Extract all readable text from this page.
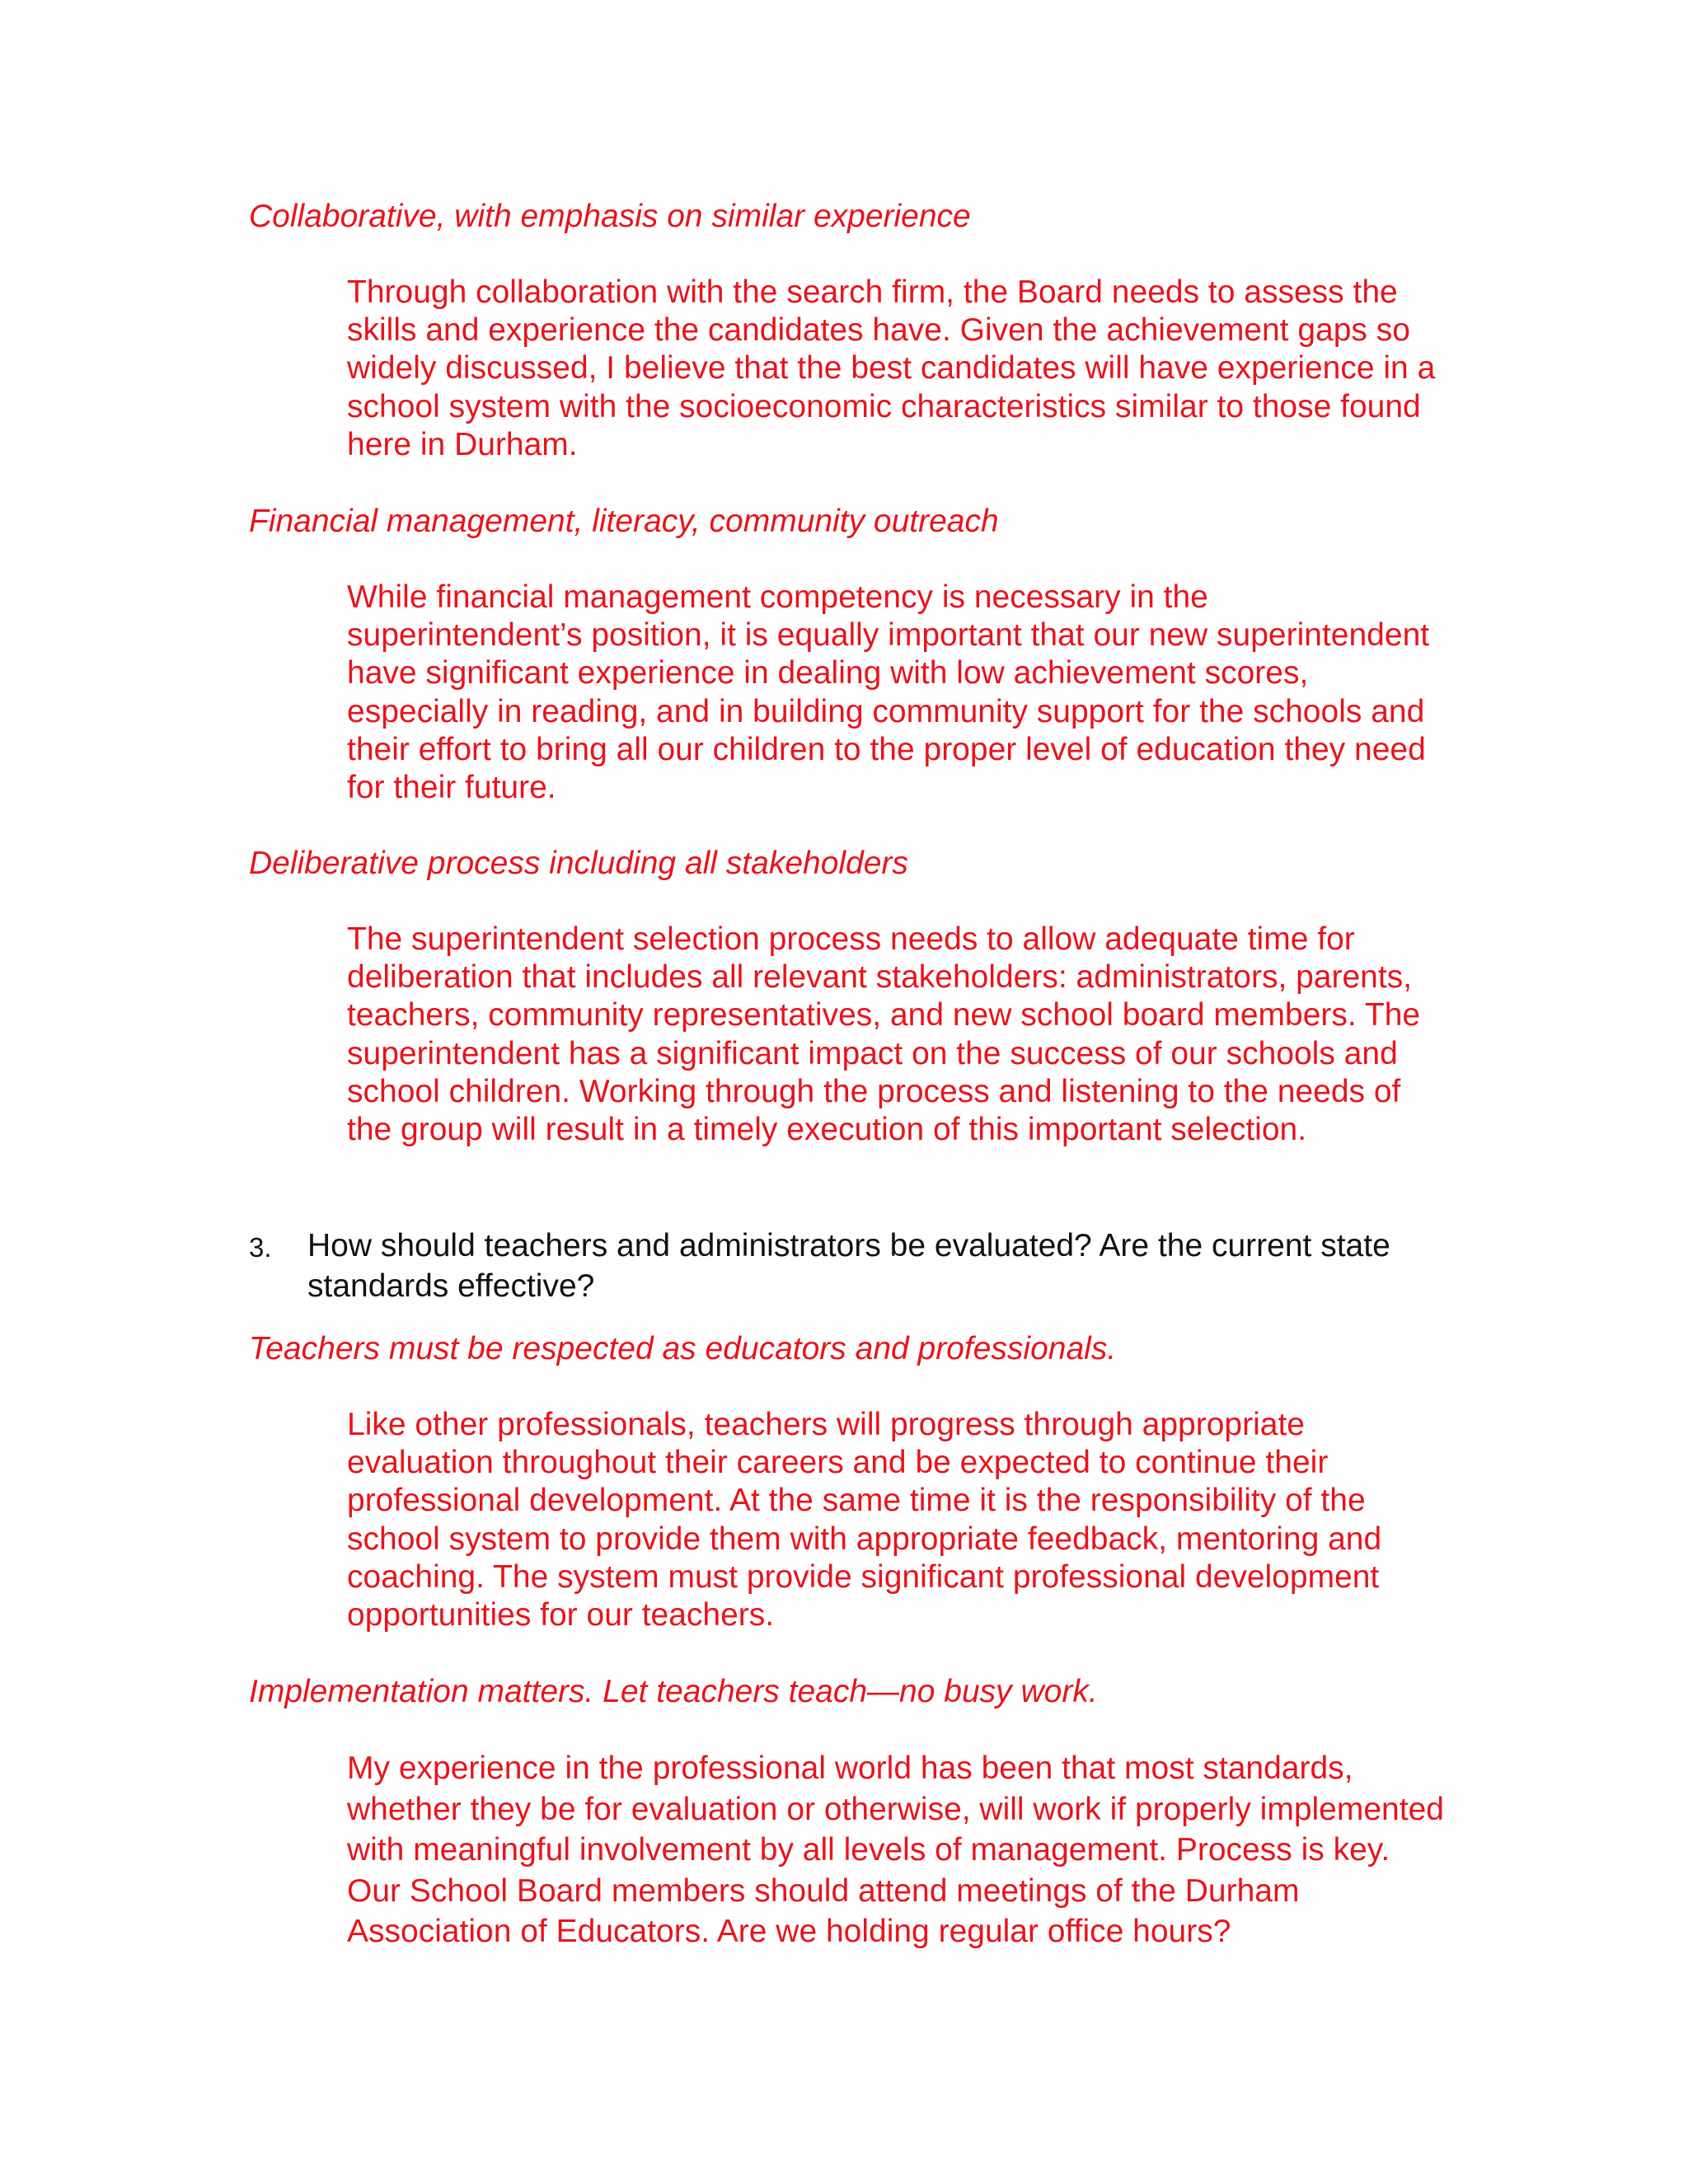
Collaborative, with emphasis on similar experience

Through collaboration with the search firm, the Board needs to assess the skills and experience the candidates have. Given the achievement gaps so widely discussed, I believe that the best candidates will have experience in a school system with the socioeconomic characteristics similar to those found here in Durham.

Financial management, literacy, community outreach

While financial management competency is necessary in the superintendent’s position, it is equally important that our new superintendent have significant experience in dealing with low achievement scores, especially in reading, and in building community support for the schools and their effort to bring all our children to the proper level of education they need for their future.

Deliberative process including all stakeholders

The superintendent selection process needs to allow adequate time for deliberation that includes all relevant stakeholders: administrators, parents, teachers, community representatives, and new school board members. The superintendent has a significant impact on the success of our schools and school children. Working through the process and listening to the needs of the group will result in a timely execution of this important selection.

3. How should teachers and administrators be evaluated? Are the current state standards effective?
Teachers must be respected as educators and professionals.

Like other professionals, teachers will progress through appropriate evaluation throughout their careers and be expected to continue their professional development. At the same time it is the responsibility of the school system to provide them with appropriate feedback, mentoring and coaching. The system must provide significant professional development opportunities for our teachers.

Implementation matters. Let teachers teach—no busy work.

My experience in the professional world has been that most standards, whether they be for evaluation or otherwise, will work if properly implemented with meaningful involvement by all levels of management. Process is key. Our School Board members should attend meetings of the Durham Association of Educators. Are we holding regular office hours?
